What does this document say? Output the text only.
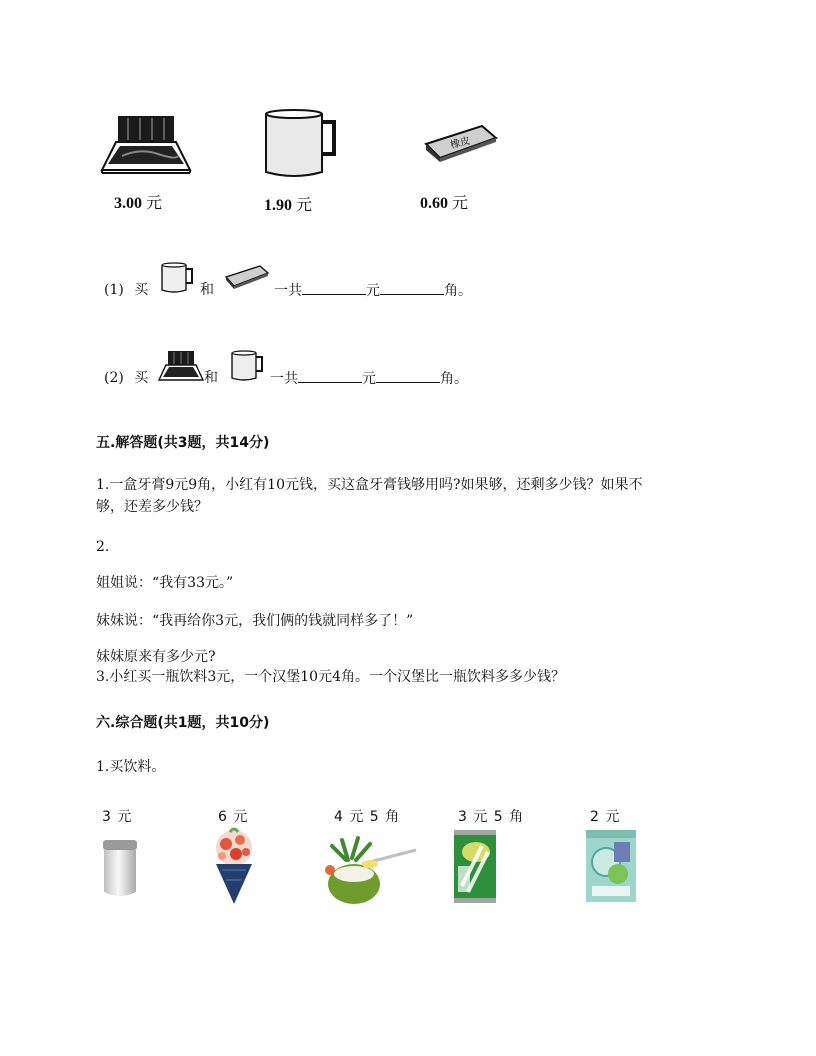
橡皮
3.00 元	1.90 元	0.60 元
(1) 买	和	一共	元	角。
(2) 买	和	一共	元	角。
五.解答题(共3题，共14分)
1.一盒牙膏9元9角，小红有10元钱，买这盒牙膏钱够用吗?如果够，还剩多少钱？如果不
够，还差多少钱？
2.
姐姐说：“我有33元。”
妹妹说：“我再给你3元，我们俩的钱就同样多了！”
妹妹原来有多少元?
3.小红买一瓶饮料3元，一个汉堡10元4角。一个汉堡比一瓶饮料多多少钱？
六.综合题(共1题，共10分)
1.买饮料。
3 元	6 元	4 元 5 角	3 元 5 角	2 元
